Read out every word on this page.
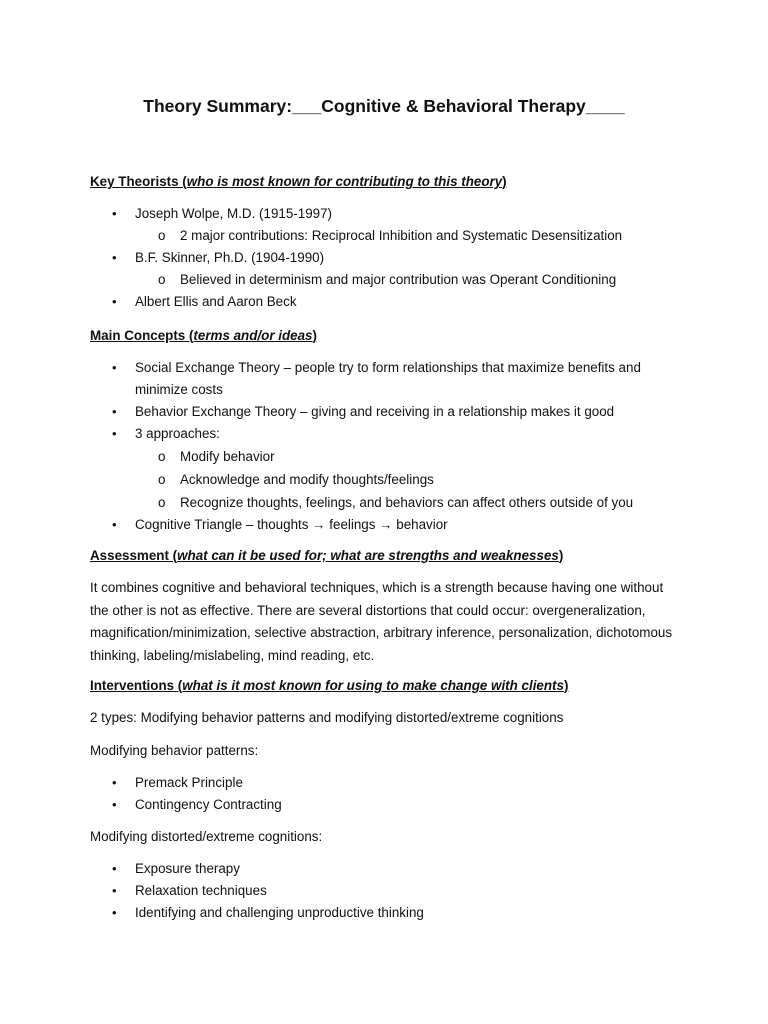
Theory Summary:___Cognitive & Behavioral Therapy____
Key Theorists (who is most known for contributing to this theory)
• Joseph Wolpe, M.D. (1915-1997)
o 2 major contributions: Reciprocal Inhibition and Systematic Desensitization
• B.F. Skinner, Ph.D. (1904-1990)
o Believed in determinism and major contribution was Operant Conditioning
• Albert Ellis and Aaron Beck
Main Concepts (terms and/or ideas)
• Social Exchange Theory – people try to form relationships that maximize benefits and minimize costs
• Behavior Exchange Theory – giving and receiving in a relationship makes it good
• 3 approaches:
o Modify behavior
o Acknowledge and modify thoughts/feelings
o Recognize thoughts, feelings, and behaviors can affect others outside of you
• Cognitive Triangle – thoughts → feelings → behavior
Assessment (what can it be used for; what are strengths and weaknesses)
It combines cognitive and behavioral techniques, which is a strength because having one without the other is not as effective. There are several distortions that could occur: overgeneralization, magnification/minimization, selective abstraction, arbitrary inference, personalization, dichotomous thinking, labeling/mislabeling, mind reading, etc.
Interventions (what is it most known for using to make change with clients)
2 types: Modifying behavior patterns and modifying distorted/extreme cognitions
Modifying behavior patterns:
• Premack Principle
• Contingency Contracting
Modifying distorted/extreme cognitions:
• Exposure therapy
• Relaxation techniques
• Identifying and challenging unproductive thinking
